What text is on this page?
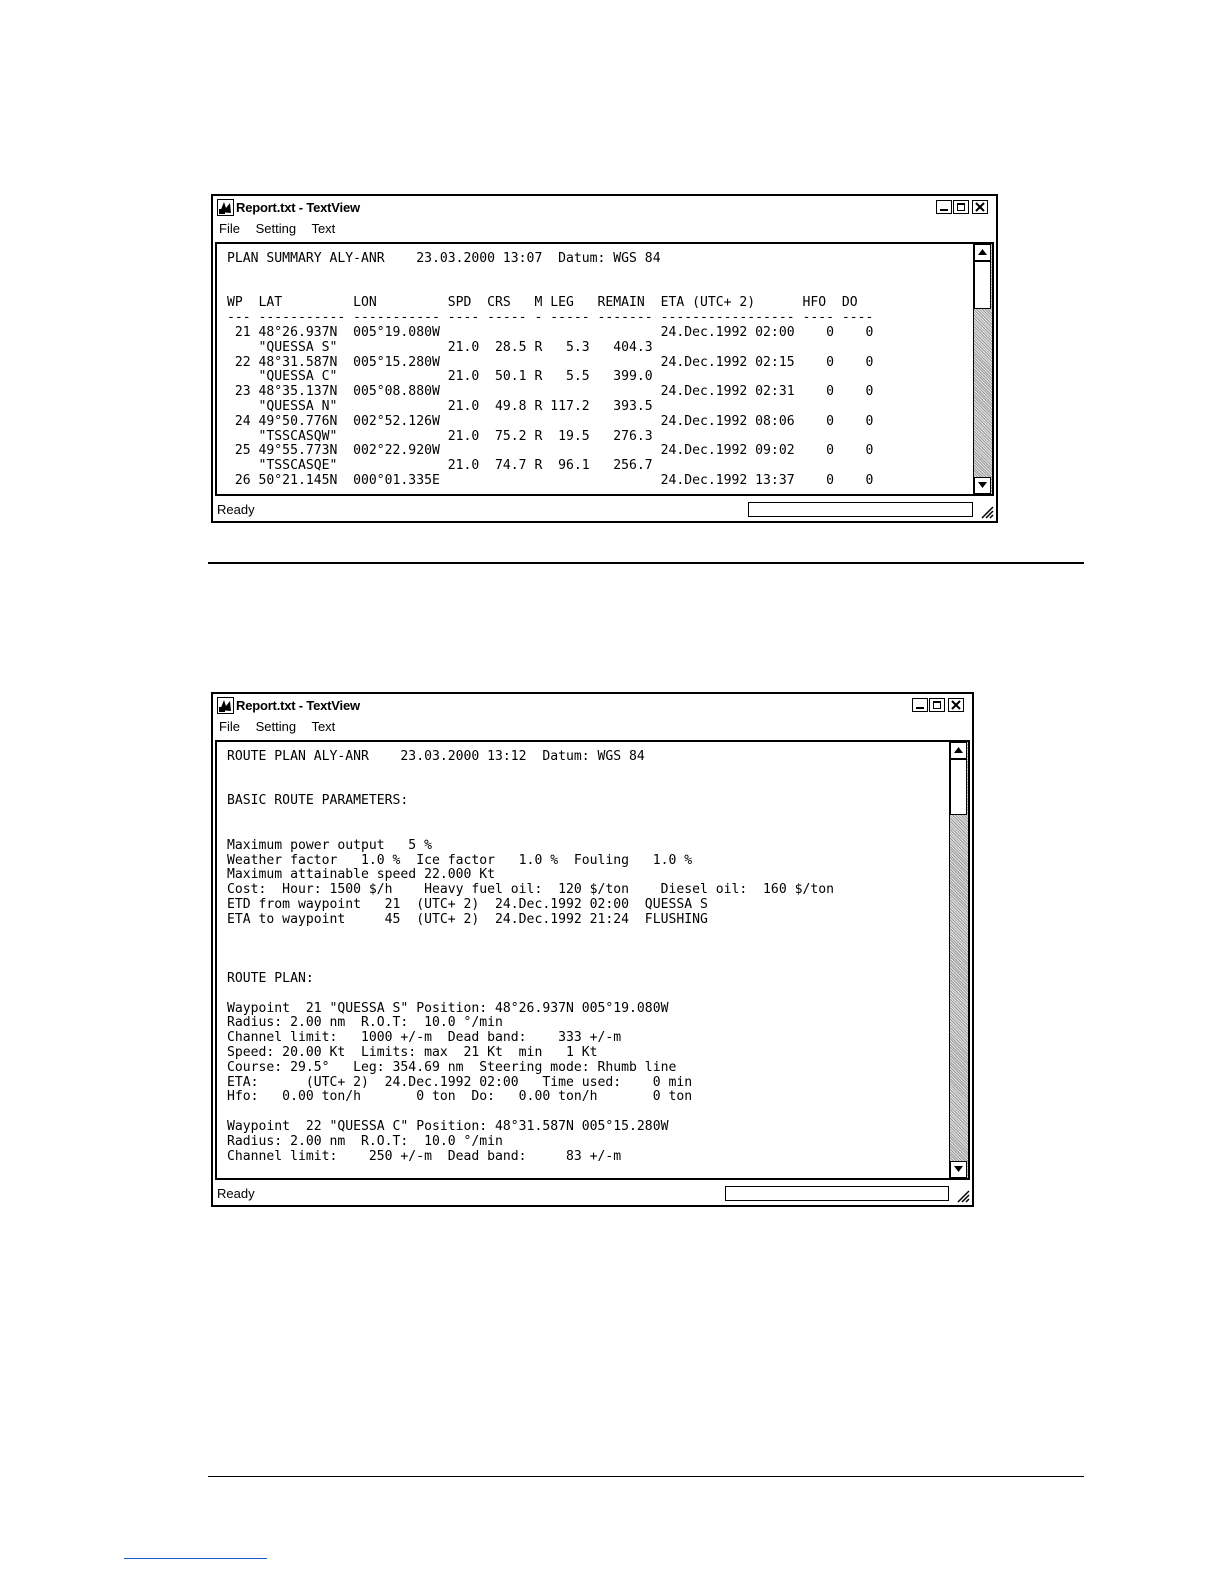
Report.txt - TextView
File Setting Text
PLAN SUMMARY ALY-ANR    23.03.2000 13:07  Datum: WGS 84

WP  LAT         LON         SPD  CRS   M LEG   REMAIN  ETA (UTC+ 2)      HFO  DO
--- ----------- ----------- ---- ----- - ----- ------- ----------------- ---- ----
21 48°26.937N  005°19.080W                            24.Dec.1992 02:00    0    0
"QUESSA S"              21.0  28.5 R   5.3   404.3
22 48°31.587N  005°15.280W                            24.Dec.1992 02:15    0    0
"QUESSA C"              21.0  50.1 R   5.5   399.0
23 48°35.137N  005°08.880W                            24.Dec.1992 02:31    0    0
"QUESSA N"              21.0  49.8 R 117.2   393.5
24 49°50.776N  002°52.126W                            24.Dec.1992 08:06    0    0
"TSSCASQW"              21.0  75.2 R  19.5   276.3
25 49°55.773N  002°22.920W                            24.Dec.1992 09:02    0    0
"TSSCASQE"              21.0  74.7 R  96.1   256.7
26 50°21.145N  000°01.335E                            24.Dec.1992 13:37    0    0
Ready
Report.txt - TextView
File Setting Text
ROUTE PLAN ALY-ANR    23.03.2000 13:12  Datum: WGS 84

BASIC ROUTE PARAMETERS:

Maximum power output   5 %
Weather factor   1.0 %  Ice factor   1.0 %  Fouling   1.0 %
Maximum attainable speed 22.000 Kt
Cost:  Hour: 1500 $/h    Heavy fuel oil:  120 $/ton    Diesel oil:  160 $/ton
ETD from waypoint   21  (UTC+ 2)  24.Dec.1992 02:00  QUESSA S
ETA to waypoint     45  (UTC+ 2)  24.Dec.1992 21:24  FLUSHING

ROUTE PLAN:

Waypoint  21 "QUESSA S" Position: 48°26.937N 005°19.080W
Radius: 2.00 nm  R.O.T:  10.0 °/min
Channel limit:   1000 +/-m  Dead band:    333 +/-m
Speed: 20.00 Kt  Limits: max  21 Kt  min   1 Kt
Course: 29.5°   Leg: 354.69 nm  Steering mode: Rhumb line
ETA:      (UTC+ 2)  24.Dec.1992 02:00   Time used:    0 min
Hfo:   0.00 ton/h       0 ton  Do:   0.00 ton/h       0 ton

Waypoint  22 "QUESSA C" Position: 48°31.587N 005°15.280W
Radius: 2.00 nm  R.O.T:  10.0 °/min
Channel limit:    250 +/-m  Dead band:     83 +/-m
Ready
